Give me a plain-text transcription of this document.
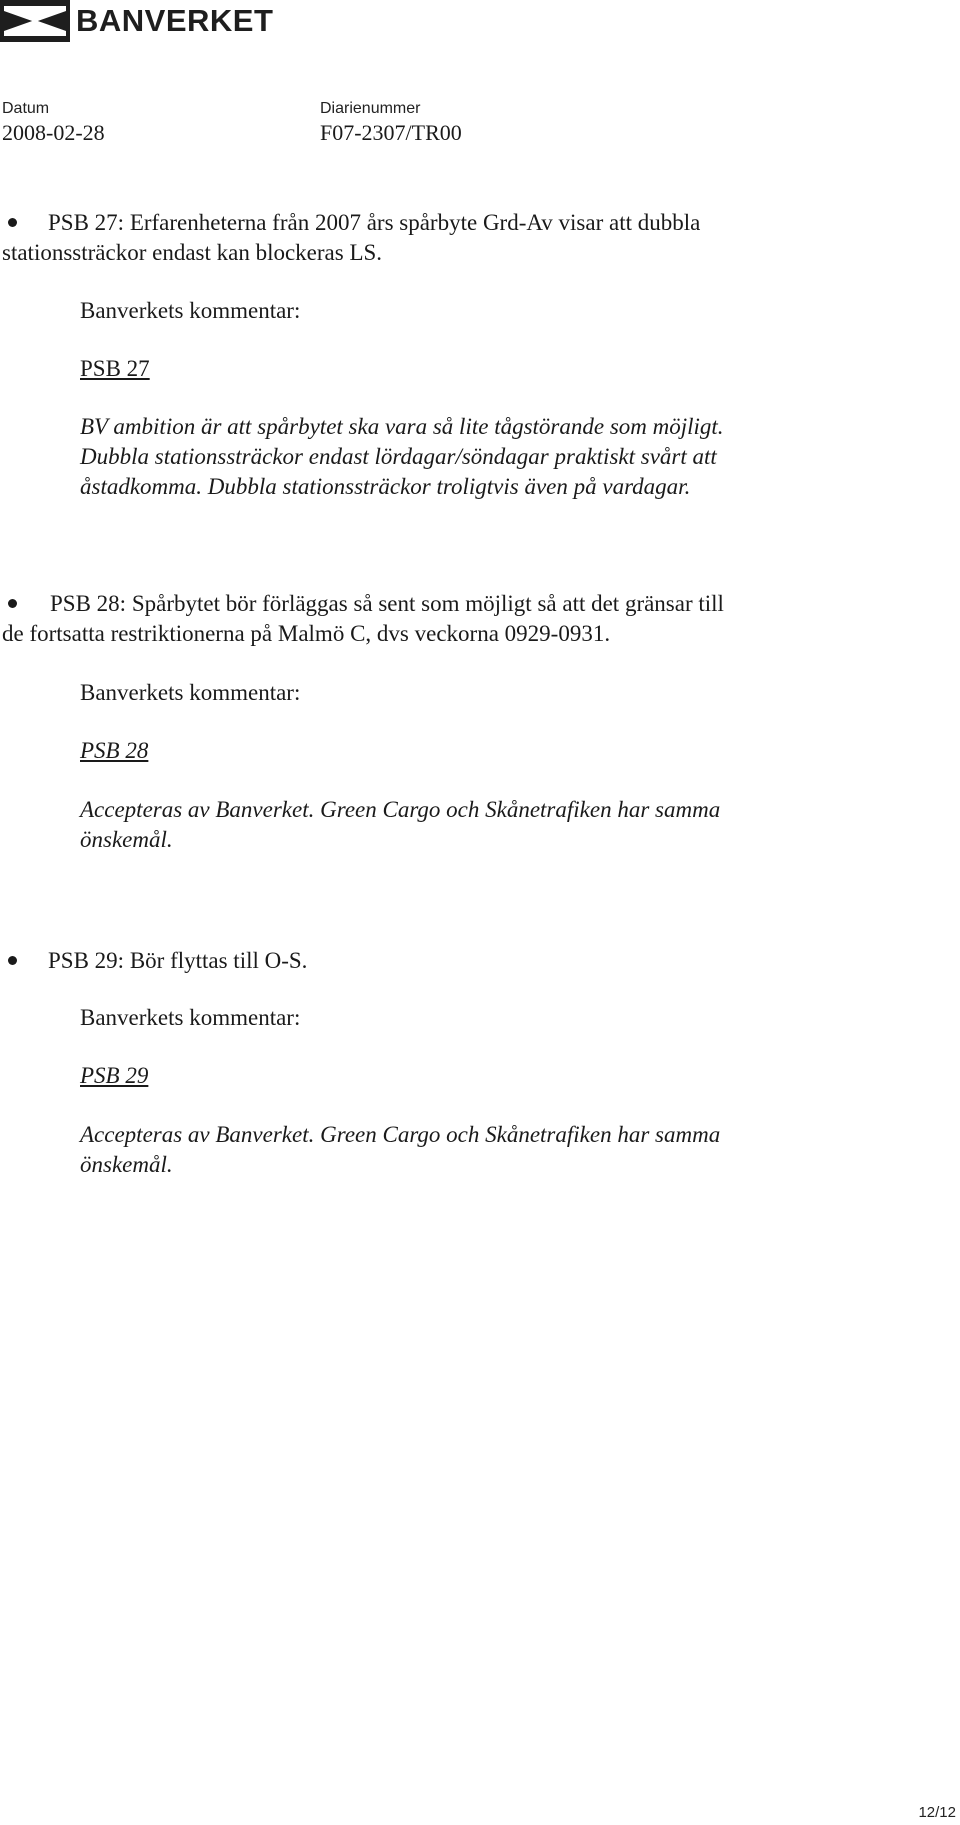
BANVERKET
Datum
2008-02-28
Diarienummer
F07-2307/TR00
PSB 27: Erfarenheterna från 2007 års spårbyte Grd-Av visar att dubbla
stationssträckor endast kan blockeras LS.
Banverkets kommentar:
PSB 27
BV ambition är att spårbytet ska vara så lite tågstörande som möjligt.
Dubbla stationssträckor endast lördagar/söndagar praktiskt svårt att
åstadkomma. Dubbla stationssträckor troligtvis även på vardagar.
PSB 28: Spårbytet bör förläggas så sent som möjligt så att det gränsar till
de fortsatta restriktionerna på Malmö C, dvs veckorna 0929-0931.
Banverkets kommentar:
PSB 28
Accepteras av Banverket. Green Cargo och Skånetrafiken har samma
önskemål.
PSB 29: Bör flyttas till O-S.
Banverkets kommentar:
PSB 29
Accepteras av Banverket. Green Cargo och Skånetrafiken har samma
önskemål.
12/12
